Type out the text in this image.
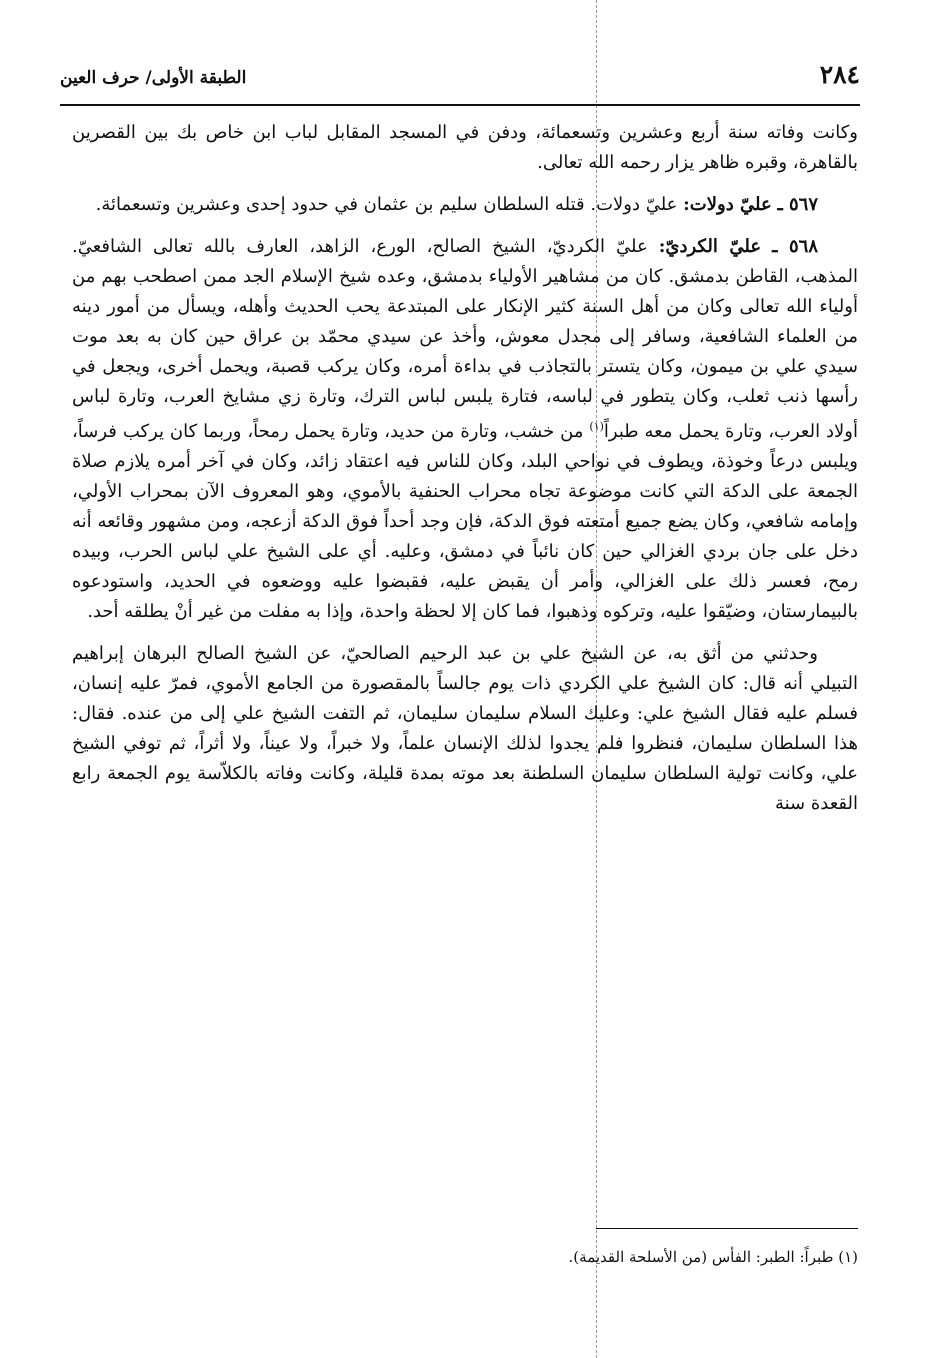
٢٨٤
الطبقة الأولى/ حرف العين

وكانت وفاته سنة أربع وعشرين وتسعمائة، ودفن في المسجد المقابل لباب ابن خاص بك بين القصرين بالقاهرة، وقبره ظاهر يزار رحمه الله تعالى.

٥٦٧ ـ عليّ دولات: عليّ دولات. قتله السلطان سليم بن عثمان في حدود إحدى وعشرين وتسعمائة.

٥٦٨ ـ عليّ الكرديّ: عليّ الكرديّ، الشيخ الصالح، الورع، الزاهد، العارف بالله تعالى الشافعيّ. المذهب، القاطن بدمشق. كان من مشاهير الأولياء بدمشق، وعده شيخ الإسلام الجد ممن اصطحب بهم من أولياء الله تعالى وكان من أهل السنة كثير الإنكار على المبتدعة يحب الحديث وأهله، ويسأل من أمور دينه من العلماء الشافعية، وسافر إلى مجدل معوش، وأخذ عن سيدي محمّد بن عراق حين كان به بعد موت سيدي علي بن ميمون، وكان يتستر بالتجاذب في بداءة أمره، وكان يركب قصبة، ويحمل أخرى، ويجعل في رأسها ذنب ثعلب، وكان يتطور في لباسه، فتارة يلبس لباس الترك، وتارة زي مشايخ العرب، وتارة لباس أولاد العرب، وتارة يحمل معه طبراً$^{(١)}$ من خشب، وتارة من حديد، وتارة يحمل رمحاً، وربما كان يركب فرساً، ويلبس درعاً وخوذة، ويطوف في نواحي البلد، وكان للناس فيه اعتقاد زائد، وكان في آخر أمره يلازم صلاة الجمعة على الدكة التي كانت موضوعة تجاه محراب الحنفية بالأموي، وهو المعروف الآن بمحراب الأولي، وإمامه شافعي، وكان يضع جميع أمتعته فوق الدكة، فإن وجد أحداً فوق الدكة أزعجه، ومن مشهور وقائعه أنه دخل على جان بردي الغزالي حين كان نائباً في دمشق، وعليه. أي على الشيخ علي لباس الحرب، وبيده رمح، فعسر ذلك على الغزالي، وأمر أن يقبض عليه، فقبضوا عليه ووضعوه في الحديد، واستودعوه بالبيمارستان، وضيّقوا عليه، وتركوه وذهبوا، فما كان إلا لحظة واحدة، وإذا به مفلت من غير أنْ يطلقه أحد.

وحدثني من أثق به، عن الشيخ علي بن عبد الرحيم الصالحيّ، عن الشيخ الصالح البرهان إبراهيم التبيلي أنه قال: كان الشيخ علي الكردي ذات يوم جالساً بالمقصورة من الجامع الأموي، فمرّ عليه إنسان، فسلم عليه فقال الشيخ علي: وعليك السلام سليمان سليمان، ثم التفت الشيخ علي إلى من عنده. فقال: هذا السلطان سليمان، فنظروا فلم يجدوا لذلك الإنسان علماً، ولا خبراً، ولا عيناً، ولا أثراً، ثم توفي الشيخ علي، وكانت تولية السلطان سليمان السلطنة بعد موته بمدة قليلة، وكانت وفاته بالكلاّسة يوم الجمعة رابع القعدة سنة

(١) طبراً: الطبر: الفأس (من الأسلحة القديمة).
